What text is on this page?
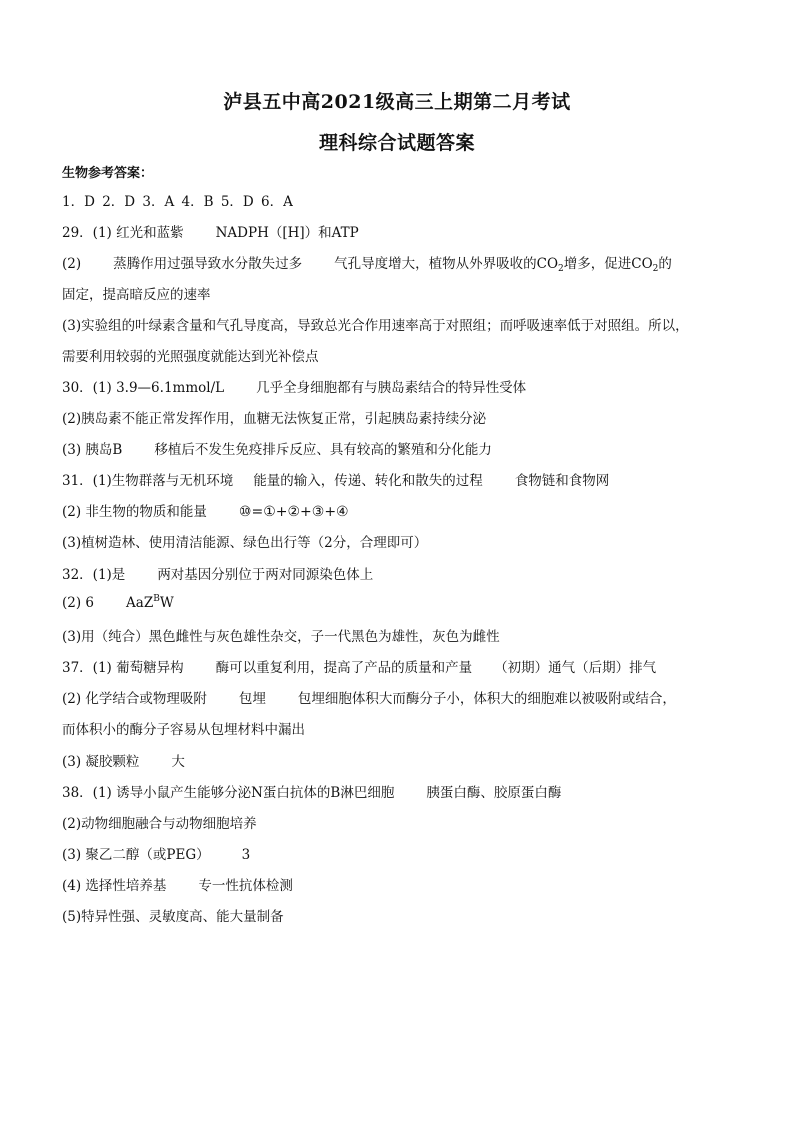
泸县五中高2021级高三上期第二月考试
理科综合试题答案
生物参考答案：
1．D 2．D 3．A 4．B 5．D 6．A
29．(1) 红光和蓝紫 NADPH（[H]）和ATP
(2) 蒸腾作用过强导致水分散失过多 气孔导度增大，植物从外界吸收的$CO_2$增多，促进$CO_2$的
固定，提高暗反应的速率
(3)实验组的叶绿素含量和气孔导度高，导致总光合作用速率高于对照组；而呼吸速率低于对照组。所以，
需要利用较弱的光照强度就能达到光补偿点
30．(1) 3.9—6.1mmol/L 几乎全身细胞都有与胰岛素结合的特异性受体
(2)胰岛素不能正常发挥作用，血糖无法恢复正常，引起胰岛素持续分泌
(3) 胰岛B 移植后不发生免疫排斥反应、具有较高的繁殖和分化能力
31．(1)生物群落与无机环境 能量的输入，传递、转化和散失的过程 食物链和食物网
(2) 非生物的物质和能量 ⑩=①+②+③+④
(3)植树造林、使用清洁能源、绿色出行等（2分，合理即可）
32．(1)是 两对基因分别位于两对同源染色体上
(2) 6 AaZ$^B$W
(3)用（纯合）黑色雌性与灰色雄性杂交，子一代黑色为雄性，灰色为雌性
37．(1) 葡萄糖异构 酶可以重复利用，提高了产品的质量和产量 （初期）通气（后期）排气
(2) 化学结合或物理吸附 包埋 包埋细胞体积大而酶分子小，体积大的细胞难以被吸附或结合，
而体积小的酶分子容易从包埋材料中漏出
(3) 凝胶颗粒 大
38．(1) 诱导小鼠产生能够分泌N蛋白抗体的B淋巴细胞 胰蛋白酶、胶原蛋白酶
(2)动物细胞融合与动物细胞培养
(3) 聚乙二醇（或PEG） 3
(4) 选择性培养基 专一性抗体检测
(5)特异性强、灵敏度高、能大量制备
